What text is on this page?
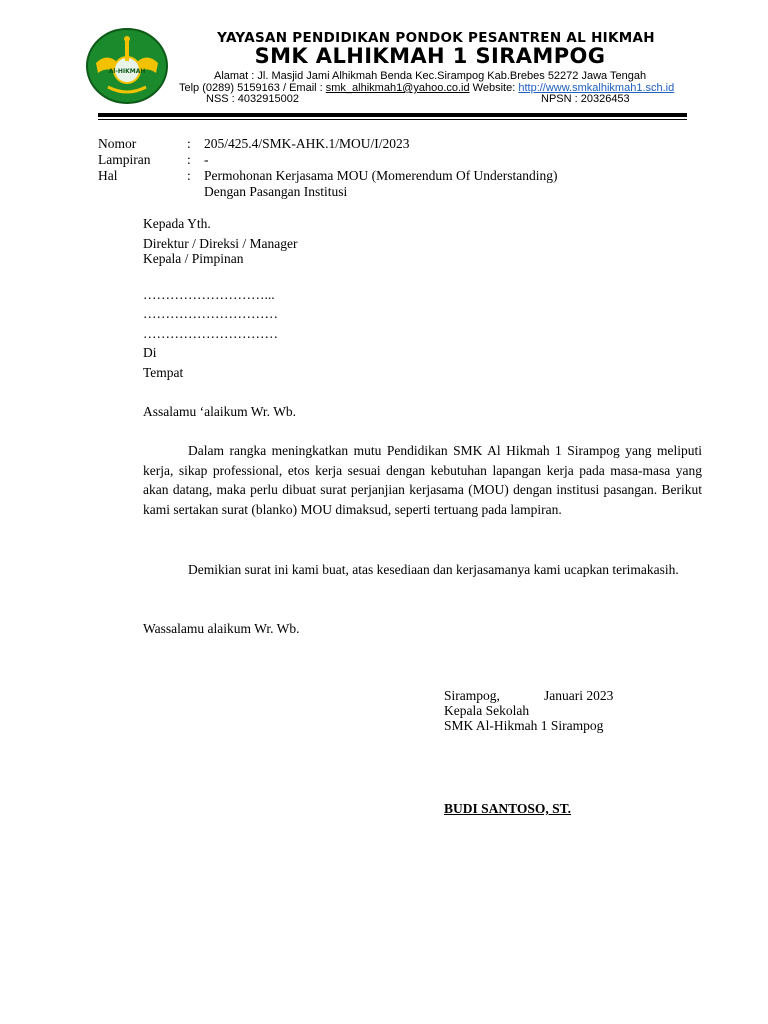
Al-HIKMAH
YAYASAN PENDIDIKAN PONDOK PESANTREN AL HIKMAH
SMK ALHIKMAH 1 SIRAMPOG
Alamat : Jl. Masjid Jami Alhikmah Benda Kec.Sirampog Kab.Brebes 52272 Jawa Tengah
Telp (0289) 5159163 / Email : smk_alhikmah1@yahoo.co.id Website: http://www.smkalhikmah1.sch.id
NSS : 4032915002	NPSN : 20326453
Nomor	: 205/425.4/SMK-AHK.1/MOU/I/2023
Lampiran	: -
Hal	: Permohonan Kerjasama MOU (Momerendum Of Understanding)
Dengan Pasangan Institusi
Kepada Yth.
Direktur / Direksi / Manager
Kepala / Pimpinan
………………………...
…………………………
…………………………
Di
Tempat
Assalamu ‘alaikum Wr. Wb.
Dalam rangka meningkatkan mutu Pendidikan SMK Al Hikmah 1 Sirampog yang meliputi kerja, sikap professional, etos kerja sesuai dengan kebutuhan lapangan kerja pada masa-masa yang akan datang, maka perlu dibuat surat perjanjian kerjasama (MOU) dengan institusi pasangan. Berikut kami sertakan surat (blanko) MOU dimaksud, seperti tertuang pada lampiran.
Demikian surat ini kami buat, atas kesediaan dan kerjasamanya kami ucapkan terimakasih.
Wassalamu alaikum Wr. Wb.
Sirampog,	Januari 2023
Kepala Sekolah
SMK Al-Hikmah 1 Sirampog
BUDI SANTOSO, ST.
